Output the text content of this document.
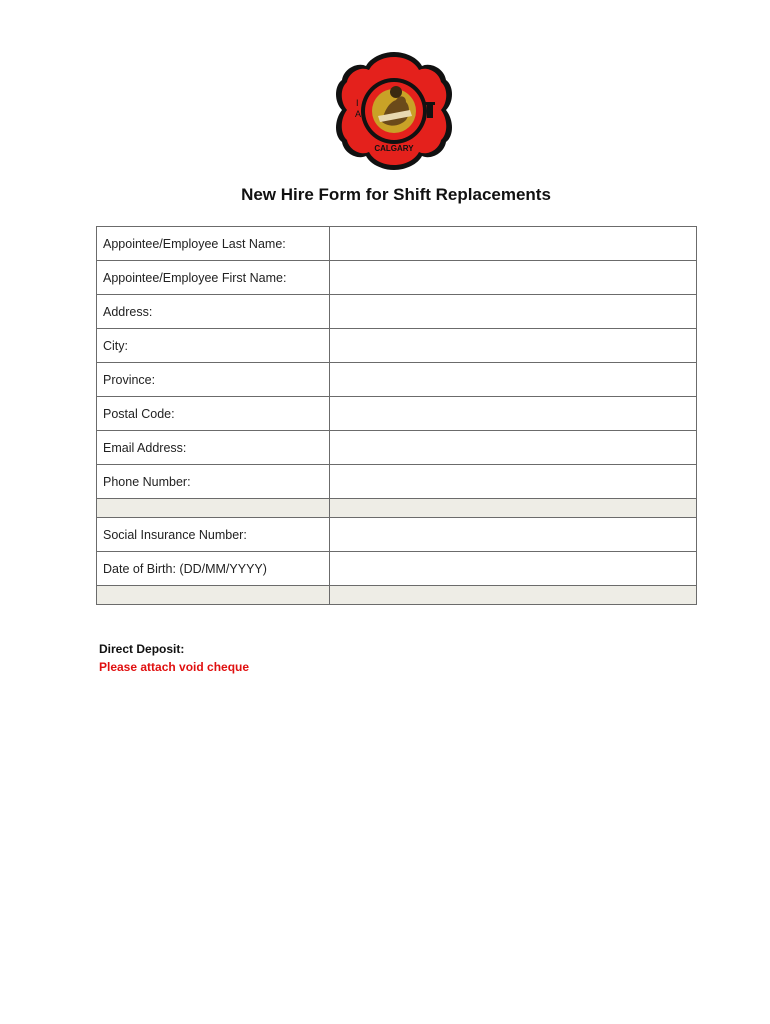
I
A
CALGARY
New Hire Form for Shift Replacements
Appointee/Employee Last Name:	
Appointee/Employee First Name:	
Address:	
City:	
Province:	
Postal Code:	
Email Address:	
Phone Number:	

Social Insurance Number:	
Date of Birth: (DD/MM/YYYY)	

Direct Deposit:
Please attach void cheque
